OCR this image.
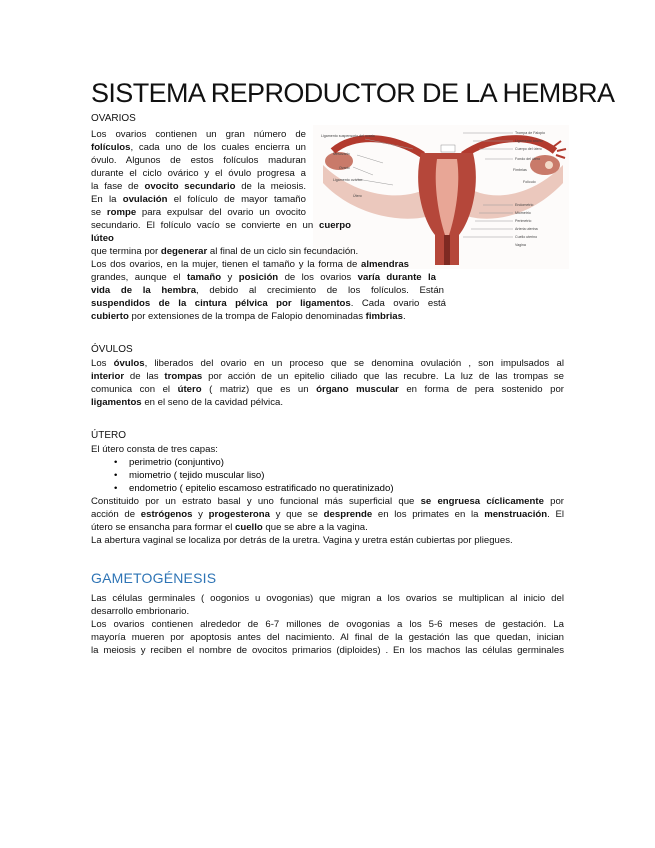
SISTEMA REPRODUCTOR DE LA HEMBRA
OVARIOS
Ligamento suspensorio del ovario
Mesovario
Ovario
Ligamento ovárico
Útero
Trompa de Falopio
Ligamento ancho
Cuerpo del útero
Fondo del útero
Endometrio
Miometrio
Perimetrio
Arteria uterina
Cuello uterino
Vagina
Fimbrias
Folículo

Los ovarios contienen un gran número de

folículos, cada uno de los cuales encierra un

óvulo. Algunos de estos folículos maduran

durante el ciclo ovárico y el óvulo progresa a

la fase de ovocito secundario de la meiosis.

En la ovulación el folículo de mayor tamaño

se rompe para expulsar del ovario un ovocito

secundario. El folículo vacío se convierte en un cuerpo lúteo

que termina por degenerar al final de un ciclo sin fecundación.

Los dos ovarios, en la mujer, tienen el tamaño y la forma de almendras

grandes, aunque el tamaño y posición de los ovarios varía durante la

vida de la hembra, debido al crecimiento de los folículos. Están

suspendidos de la cintura pélvica por ligamentos. Cada ovario está

cubierto por extensiones de la trompa de Falopio denominadas fimbrias.

ÓVULOS

Los óvulos, liberados del ovario en un proceso que se denomina ovulación , son impulsados al

interior de las trompas por acción de un epitelio ciliado que las recubre. La luz de las trompas se

comunica con el útero ( matriz) que es un órgano muscular en forma de pera sostenido por

ligamentos en el seno de la cavidad pélvica.

ÚTERO

El útero consta de tres capas:

• perimetrio (conjuntivo)
• miometrio ( tejido muscular liso)
• endometrio ( epitelio escamoso estratificado no queratinizado)

Constituido por un estrato basal y uno funcional más superficial que se engruesa cíclicamente por

acción de estrógenos y progesterona y que se desprende en los primates en la menstruación. El

útero se ensancha para formar el cuello que se abre a la vagina.

La abertura vaginal se localiza por detrás de la uretra. Vagina y uretra están cubiertas por pliegues.

GAMETOGÉNESIS

Las células germinales ( oogonios u ovogonias) que migran a los ovarios se multiplican al inicio del

desarrollo embrionario.

Los ovarios contienen alrededor de 6-7 millones de ovogonias a los 5-6 meses de gestación. La

mayoría mueren por apoptosis antes del nacimiento. Al final de la gestación las que quedan, inician

la meiosis y reciben el nombre de ovocitos primarios (diploides) . En los machos las células germinales
